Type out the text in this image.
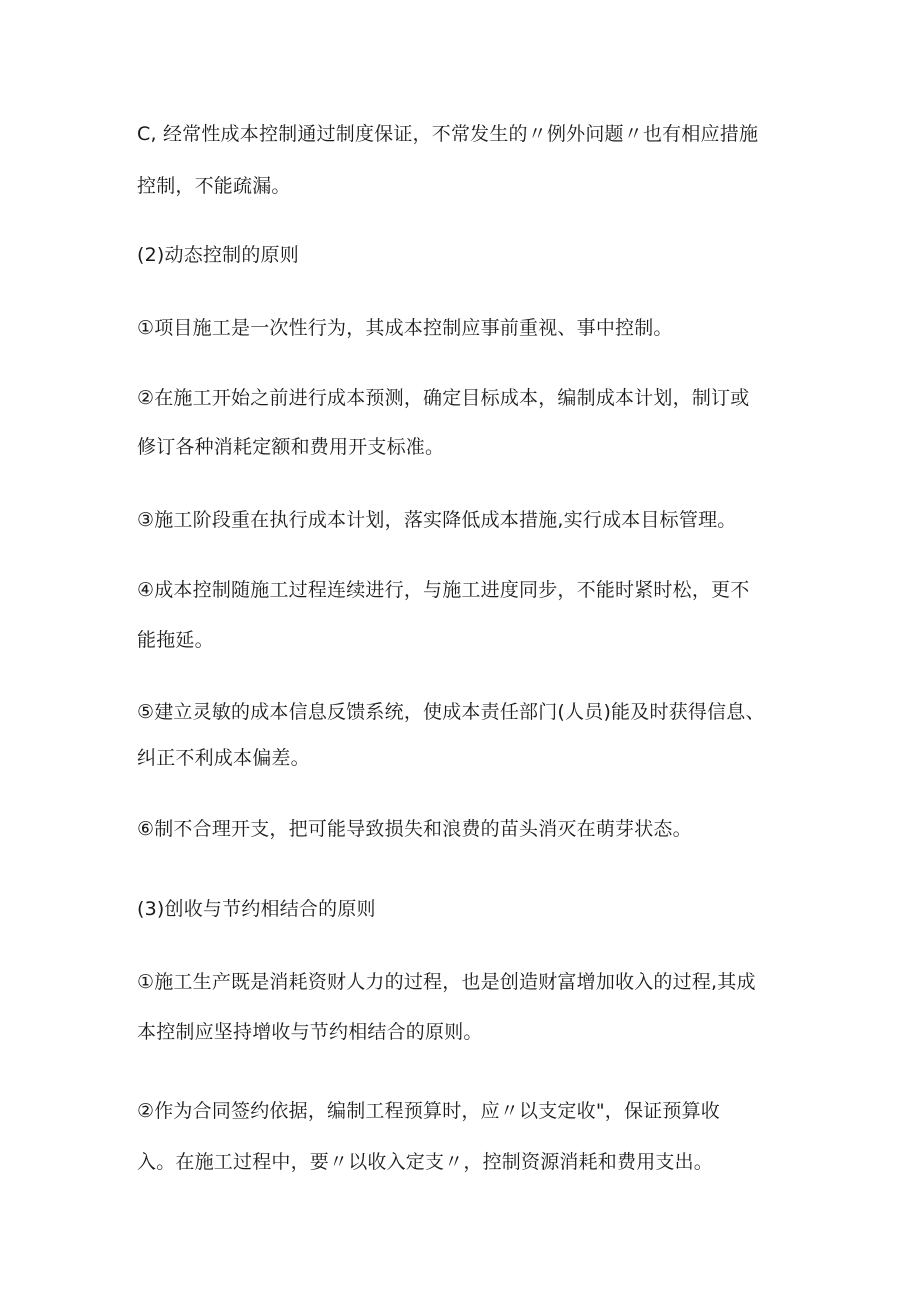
C, 经常性成本控制通过制度保证，不常发生的〃例外问题〃也有相应措施
控制，不能疏漏。
(2)动态控制的原则
①项目施工是一次性行为，其成本控制应事前重视、事中控制。
②在施工开始之前进行成本预测，确定目标成本，编制成本计划，制订或
修订各种消耗定额和费用开支标准。
③施工阶段重在执行成本计划，落实降低成本措施,实行成本目标管理。
④成本控制随施工过程连续进行，与施工进度同步，不能时紧时松，更不
能拖延。
⑤建立灵敏的成本信息反馈系统，使成本责任部门(人员)能及时获得信息、
纠正不利成本偏差。
⑥制不合理开支，把可能导致损失和浪费的苗头消灭在萌芽状态。
(3)创收与节约相结合的原则
①施工生产既是消耗资财人力的过程，也是创造财富增加收入的过程,其成
本控制应坚持增收与节约相结合的原则。
②作为合同签约依据，编制工程预算时，应〃以支定收"，保证预算收
入。在施工过程中，要〃以收入定支〃，控制资源消耗和费用支出。
